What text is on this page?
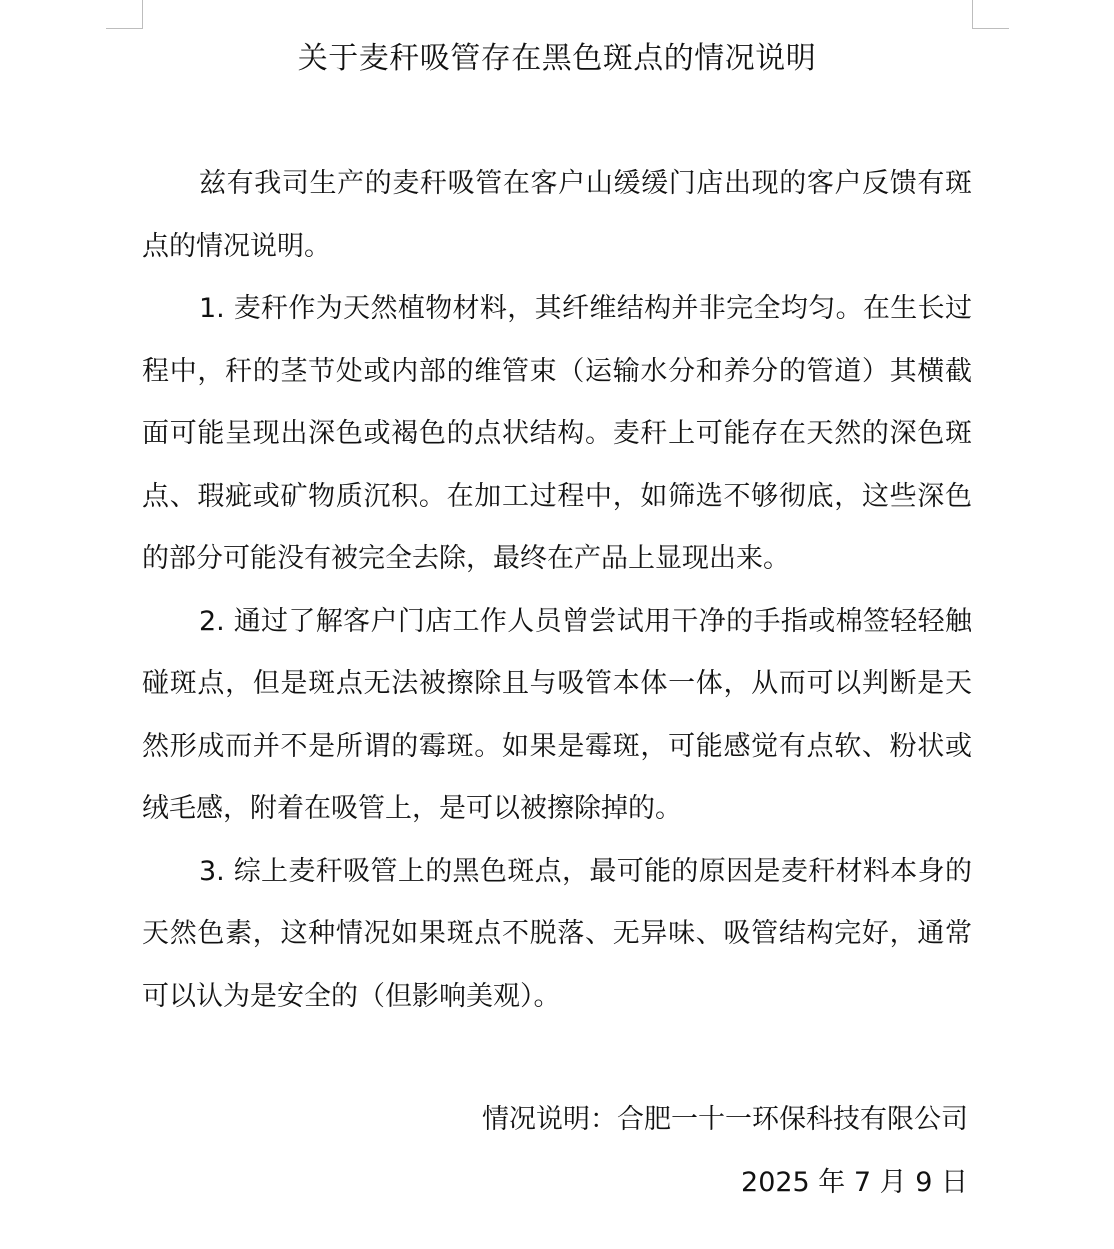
关于麦秆吸管存在黑色斑点的情况说明

兹有我司生产的麦秆吸管在客户山缓缓门店出现的客户反馈有斑点的情况说明。

1. 麦秆作为天然植物材料，其纤维结构并非完全均匀。在生长过程中，秆的茎节处或内部的维管束（运输水分和养分的管道）其横截面可能呈现出深色或褐色的点状结构。麦秆上可能存在天然的深色斑点、瑕疵或矿物质沉积。在加工过程中，如筛选不够彻底，这些深色的部分可能没有被完全去除，最终在产品上显现出来。

2. 通过了解客户门店工作人员曾尝试用干净的手指或棉签轻轻触碰斑点，但是斑点无法被擦除且与吸管本体一体，从而可以判断是天然形成而并不是所谓的霉斑。如果是霉斑，可能感觉有点软、粉状或绒毛感，附着在吸管上，是可以被擦除掉的。

3. 综上麦秆吸管上的黑色斑点，最可能的原因是麦秆材料本身的天然色素，这种情况如果斑点不脱落、无异味、吸管结构完好，通常可以认为是安全的（但影响美观）。

情况说明：合肥一十一环保科技有限公司
2025 年 7 月 9 日
